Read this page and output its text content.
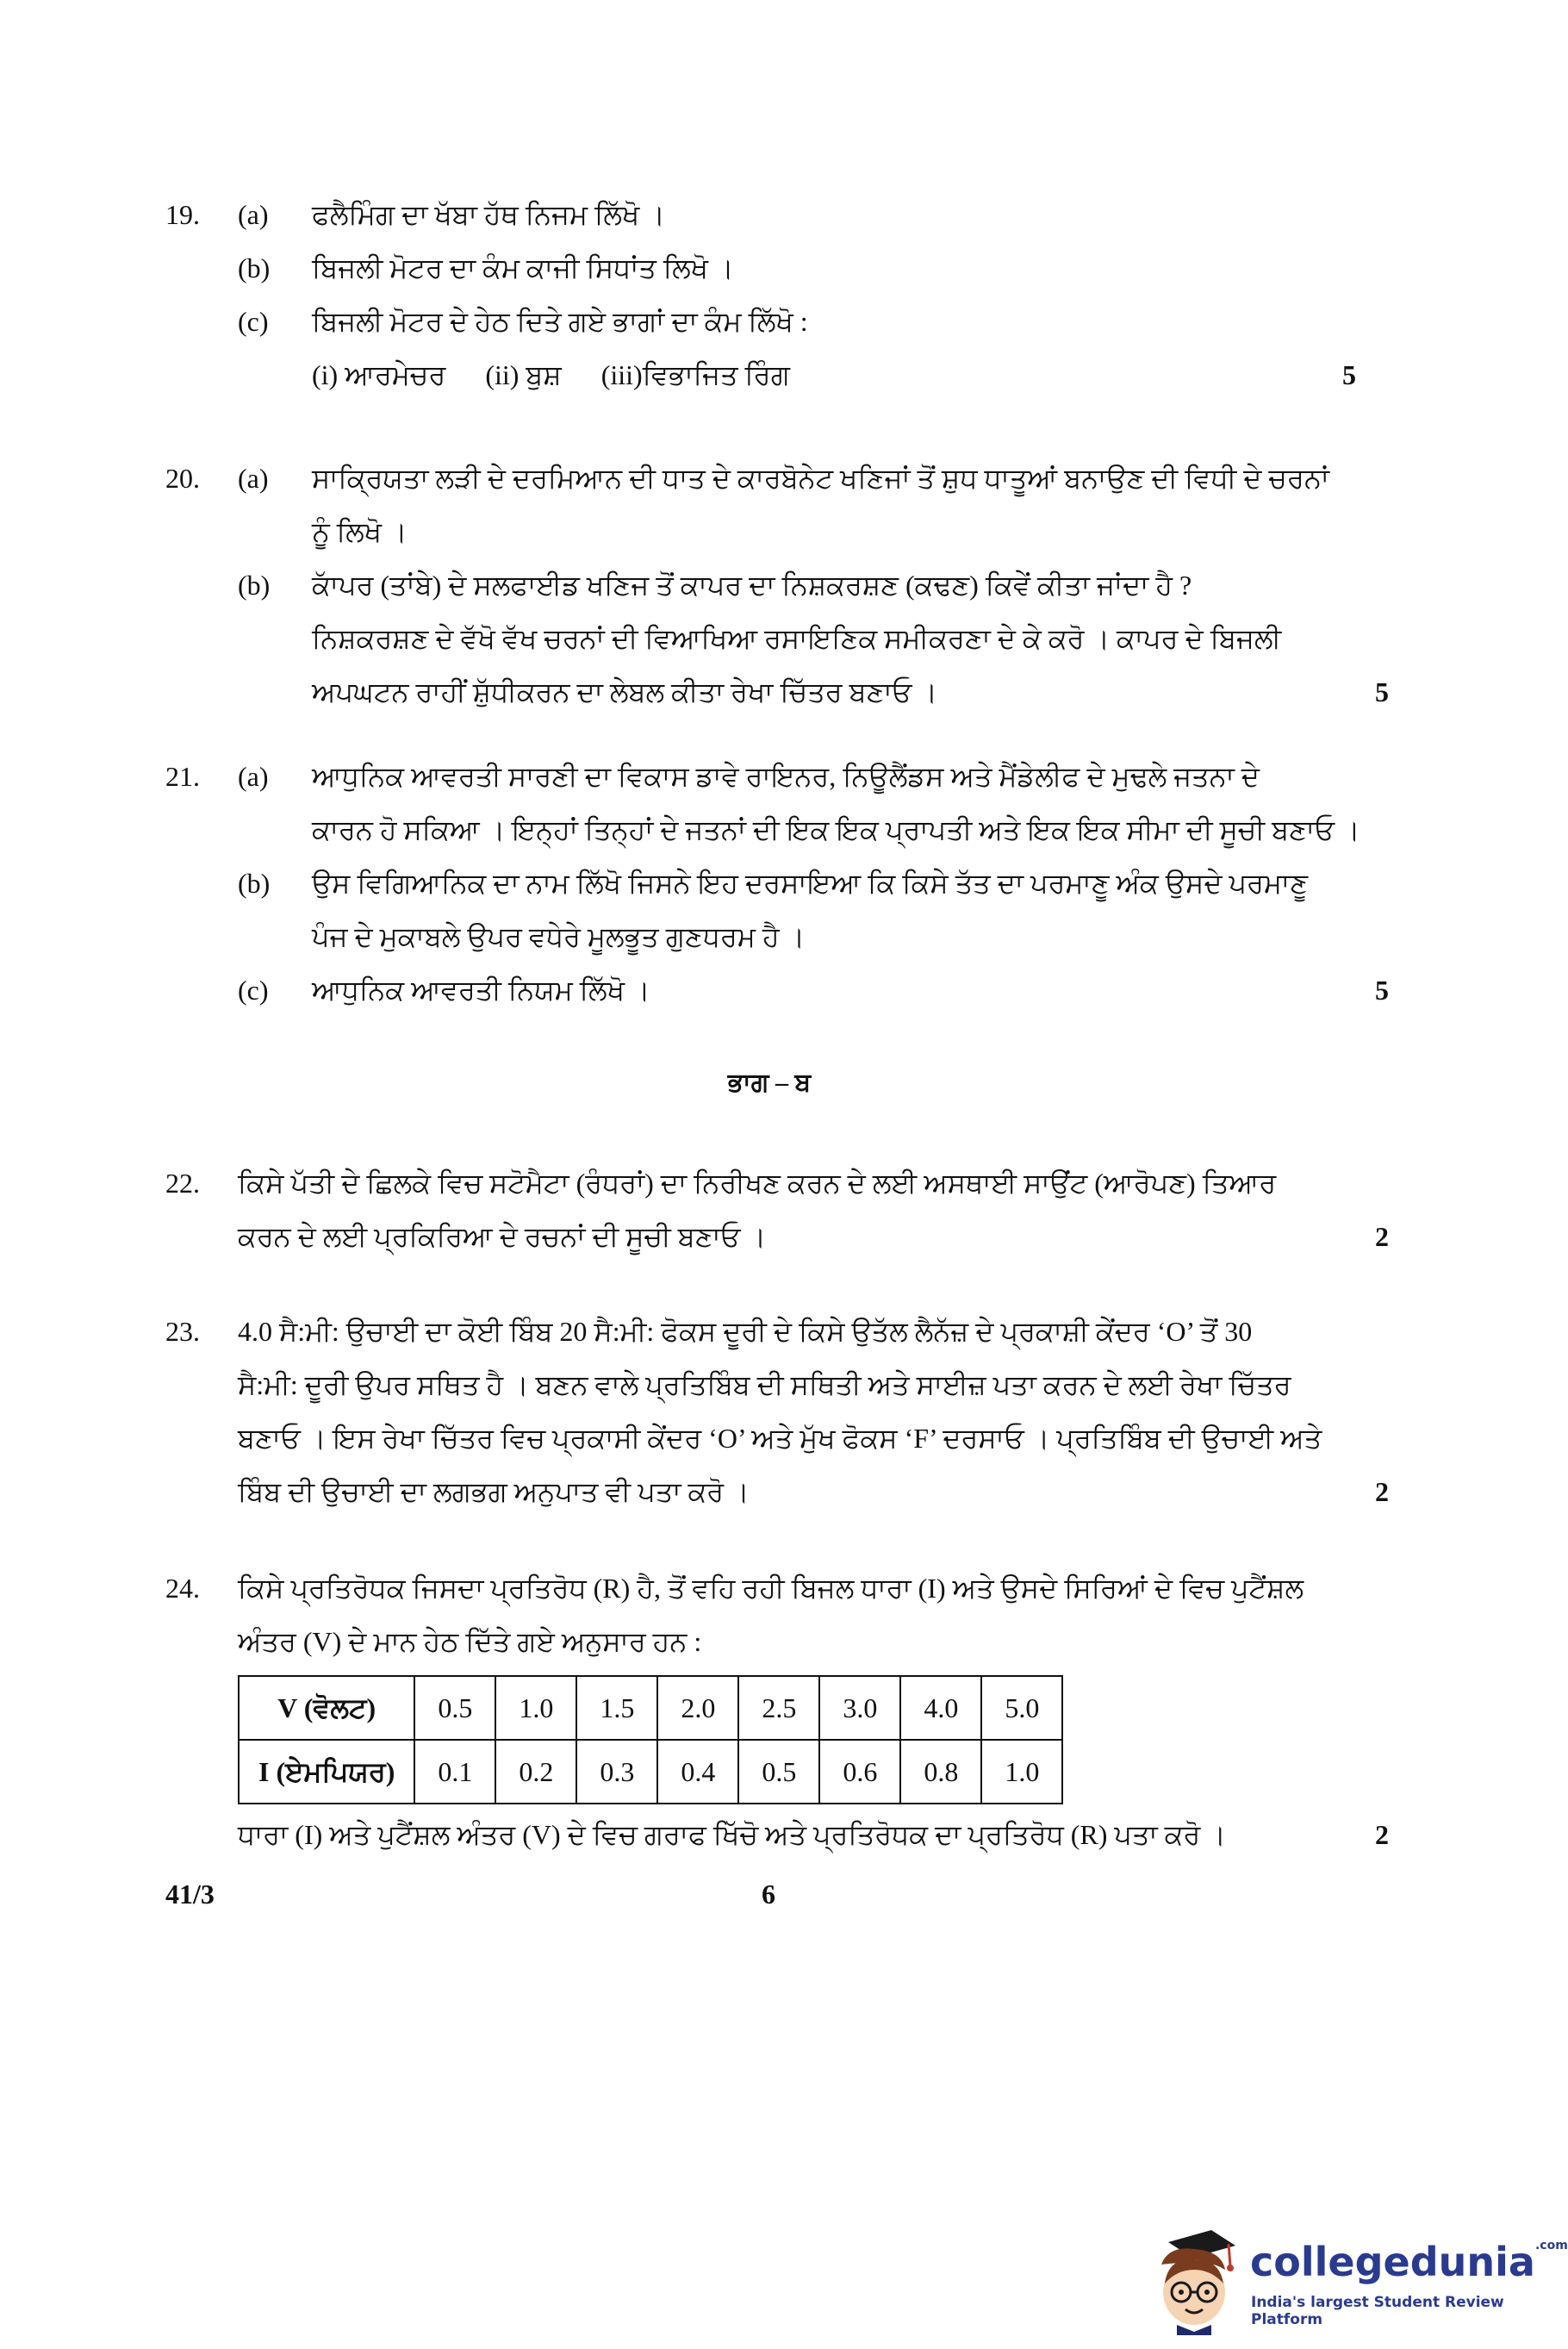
19.	(a) ਫਲੈਮਿੰਗ ਦਾ ਖੱਬਾ ਹੱਥ ਨਿਜਮ ਲਿੱਖੋ ।
(b) ਬਿਜਲੀ ਮੋਟਰ ਦਾ ਕੰਮ ਕਾਜੀ ਸਿਧਾਂਤ ਲਿਖੋ ।
(c) ਬਿਜਲੀ ਮੋਟਰ ਦੇ ਹੇਠ ਦਿਤੇ ਗਏ ਭਾਗਾਂ ਦਾ ਕੰਮ ਲਿੱਖੋ :
(i) ਆਰਮੇਚਰ (ii) ਬੁਸ਼ (iii)ਵਿਭਾਜਿਤ ਰਿੰਗ	5
20.	(a) ਸਾਕ੍ਰਿਯਤਾ ਲੜੀ ਦੇ ਦਰਮਿਆਨ ਦੀ ਧਾਤ ਦੇ ਕਾਰਬੋਨੇਟ ਖਣਿਜਾਂ ਤੋਂ ਸ਼ੁਧ ਧਾਤੂਆਂ ਬਨਾਉਣ ਦੀ ਵਿਧੀ ਦੇ ਚਰਨਾਂ
ਨੂੰ ਲਿਖੋ ।
(b) ਕਾੱਪਰ (ਤਾਂਬੇ) ਦੇ ਸਲਫਾਈਡ ਖਣਿਜ ਤੋਂ ਕਾਪਰ ਦਾ ਨਿਸ਼ਕਰਸ਼ਣ (ਕਢਣ) ਕਿਵੇਂ ਕੀਤਾ ਜਾਂਦਾ ਹੈ ?
ਨਿਸ਼ਕਰਸ਼ਣ ਦੇ ਵੱਖੋ ਵੱਖ ਚਰਨਾਂ ਦੀ ਵਿਆਖਿਆ ਰਸਾਇਣਿਕ ਸਮੀਕਰਣਾ ਦੇ ਕੇ ਕਰੋ । ਕਾਪਰ ਦੇ ਬਿਜਲੀ
ਅਪਘਟਨ ਰਾਹੀਂ ਸ਼ੁੱਧੀਕਰਨ ਦਾ ਲੇਬਲ ਕੀਤਾ ਰੇਖਾ ਚਿੱਤਰ ਬਣਾਓ ।	5
21.	(a) ਆਧੁਨਿਕ ਆਵਰਤੀ ਸਾਰਣੀ ਦਾ ਵਿਕਾਸ ਡਾਵੇ ਰਾਇਨਰ, ਨਿਊਲੈਂਡਸ ਅਤੇ ਮੈਂਡੇਲੀਫ ਦੇ ਮੁਢਲੇ ਜਤਨਾ ਦੇ
ਕਾਰਨ ਹੋ ਸਕਿਆ । ਇਨ੍ਹਾਂ ਤਿਨ੍ਹਾਂ ਦੇ ਜਤਨਾਂ ਦੀ ਇਕ ਇਕ ਪ੍ਰਾਪਤੀ ਅਤੇ ਇਕ ਇਕ ਸੀਮਾ ਦੀ ਸੂਚੀ ਬਣਾਓ ।
(b) ਉਸ ਵਿਗਿਆਨਿਕ ਦਾ ਨਾਮ ਲਿੱਖੋ ਜਿਸਨੇ ਇਹ ਦਰਸਾਇਆ ਕਿ ਕਿਸੇ ਤੱਤ ਦਾ ਪਰਮਾਣੂ ਅੰਕ ਉਸਦੇ ਪਰਮਾਣੂ
ਪੰਜ ਦੇ ਮੁਕਾਬਲੇ ਉਪਰ ਵਧੇਰੇ ਮੂਲਭੂਤ ਗੁਣਧਰਮ ਹੈ ।
(c) ਆਧੁਨਿਕ ਆਵਰਤੀ ਨਿਯਮ ਲਿੱਖੋ ।	5
ਭਾਗ – ਬ
22.	ਕਿਸੇ ਪੱਤੀ ਦੇ ਛਿਲਕੇ ਵਿਚ ਸਟੋਮੈਟਾ (ਰੰਧਰਾਂ) ਦਾ ਨਿਰੀਖਣ ਕਰਨ ਦੇ ਲਈ ਅਸਥਾਈ ਸਾਉਂਟ (ਆਰੋਪਣ) ਤਿਆਰ
ਕਰਨ ਦੇ ਲਈ ਪ੍ਰਕਿਰਿਆ ਦੇ ਰਚਨਾਂ ਦੀ ਸੂਚੀ ਬਣਾਓ ।	2
23.	4.0 ਸੈ:ਮੀ: ਉਚਾਈ ਦਾ ਕੋਈ ਬਿੰਬ 20 ਸੈ:ਮੀ: ਫੋਕਸ ਦੂਰੀ ਦੇ ਕਿਸੇ ਉਤੱਲ ਲੈਨੱਜ਼ ਦੇ ਪ੍ਰਕਾਸ਼ੀ ਕੇਂਦਰ ‘O’ ਤੋਂ 30
ਸੈ:ਮੀ: ਦੂਰੀ ਉਪਰ ਸਥਿਤ ਹੈ । ਬਣਨ ਵਾਲੇ ਪ੍ਰਤਿਬਿੰਬ ਦੀ ਸਥਿਤੀ ਅਤੇ ਸਾਈਜ਼ ਪਤਾ ਕਰਨ ਦੇ ਲਈ ਰੇਖਾ ਚਿੱਤਰ
ਬਣਾਓ । ਇਸ ਰੇਖਾ ਚਿੱਤਰ ਵਿਚ ਪ੍ਰਕਾਸੀ ਕੇਂਦਰ ‘O’ ਅਤੇ ਮੁੱਖ ਫੋਕਸ ‘F’ ਦਰਸਾਓ । ਪ੍ਰਤਿਬਿੰਬ ਦੀ ਉਚਾਈ ਅਤੇ
ਬਿੰਬ ਦੀ ਉਚਾਈ ਦਾ ਲਗਭਗ ਅਨੁਪਾਤ ਵੀ ਪਤਾ ਕਰੋ ।	2
24.	ਕਿਸੇ ਪ੍ਰਤਿਰੋਧਕ ਜਿਸਦਾ ਪ੍ਰਤਿਰੋਧ (R) ਹੈ, ਤੋਂ ਵਹਿ ਰਹੀ ਬਿਜਲ ਧਾਰਾ (I) ਅਤੇ ਉਸਦੇ ਸਿਰਿਆਂ ਦੇ ਵਿਚ ਪੁਟੈਂਸ਼ਲ
ਅੰਤਰ (V) ਦੇ ਮਾਨ ਹੇਠ ਦਿੱਤੇ ਗਏ ਅਨੁਸਾਰ ਹਨ :
V (ਵੋਲਟ)	0.5	1.0	1.5	2.0	2.5	3.0	4.0	5.0
I (ਏਮਪਿਯਰ)	0.1	0.2	0.3	0.4	0.5	0.6	0.8	1.0
ਧਾਰਾ (I) ਅਤੇ ਪੁਟੈਂਸ਼ਲ ਅੰਤਰ (V) ਦੇ ਵਿਚ ਗਰਾਫ ਖਿੱਚੋ ਅਤੇ ਪ੍ਰਤਿਰੋਧਕ ਦਾ ਪ੍ਰਤਿਰੋਧ (R) ਪਤਾ ਕਰੋ ।	2
41/3	6
collegedunia$^{.com}$
India's largest Student Review Platform
